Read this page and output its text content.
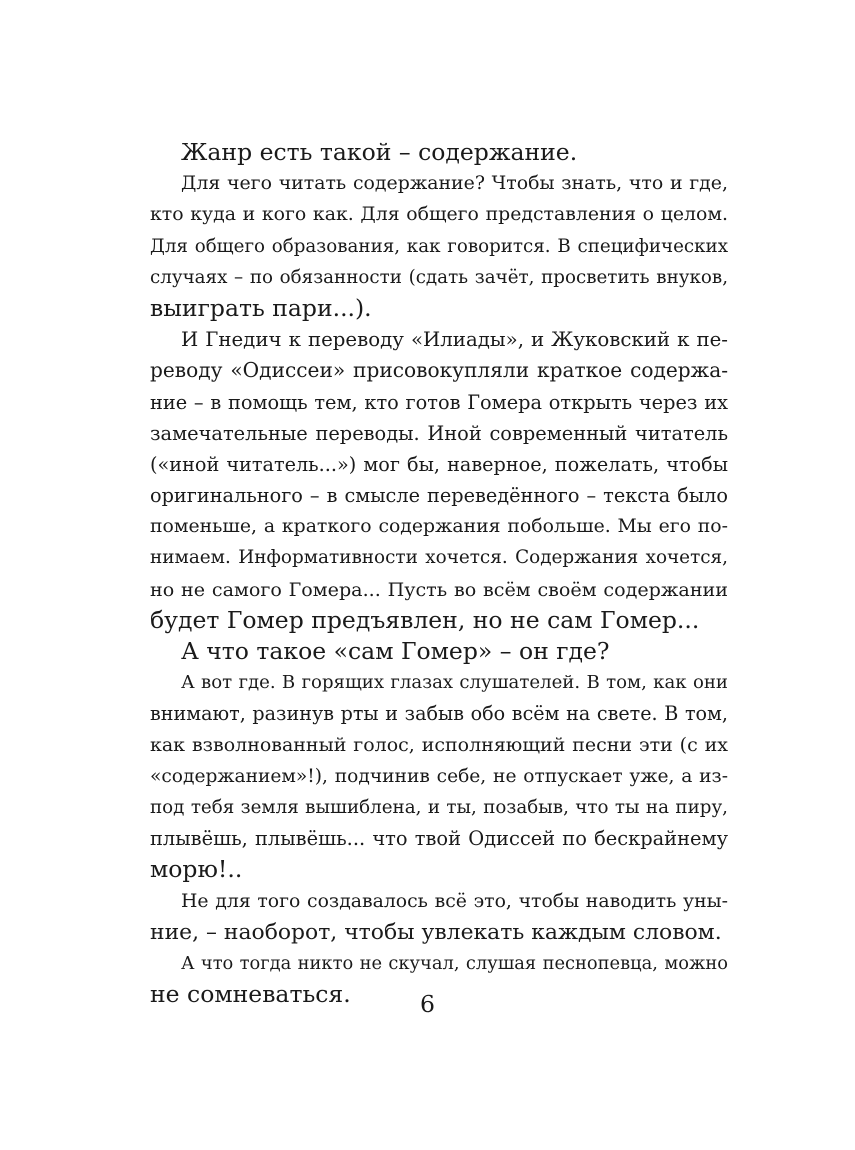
Жанр есть такой – содержание.
Для чего читать содержание? Чтобы знать, что и где,
кто куда и кого как. Для общего представления о целом.
Для общего образования, как говорится. В специфических
случаях – по обязанности (сдать зачёт, просветить внуков,
выиграть пари...).
И Гнедич к переводу «Илиады», и Жуковский к пе-
реводу «Одиссеи» присовокупляли краткое содержа-
ние – в помощь тем, кто готов Гомера открыть через их
замечательные переводы. Иной современный читатель
(«иной читатель...») мог бы, наверное, пожелать, чтобы
оригинального – в смысле переведённого – текста было
поменьше, а краткого содержания побольше. Мы его по-
нимаем. Информативности хочется. Содержания хочется,
но не самого Гомера... Пусть во всём своём содержании
будет Гомер предъявлен, но не сам Гомер...
А что такое «сам Гомер» – он где?
А вот где. В горящих глазах слушателей. В том, как они
внимают, разинув рты и забыв обо всём на свете. В том,
как взволнованный голос, исполняющий песни эти (с их
«содержанием»!), подчинив себе, не отпускает уже, а из-
под тебя земля вышиблена, и ты, позабыв, что ты на пиру,
плывёшь, плывёшь... что твой Одиссей по бескрайнему
морю!..
Не для того создавалось всё это, чтобы наводить уны-
ние, – наоборот, чтобы увлекать каждым словом.
А что тогда никто не скучал, слушая песнопевца, можно
не сомневаться.	6
